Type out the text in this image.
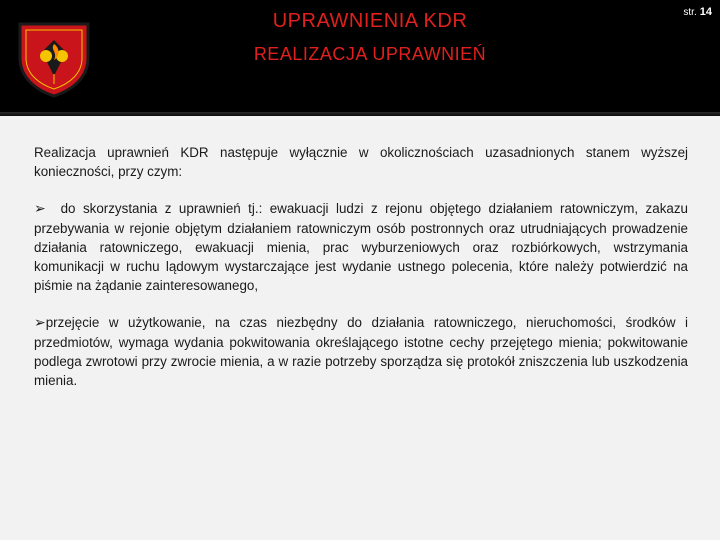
UPRAWNIENIA KDR
REALIZACJA UPRAWNIEŃ
str. 14

Realizacja uprawnień KDR następuje wyłącznie w okolicznościach uzasadnionych stanem wyższej konieczności, przy czym:

➢ do skorzystania z uprawnień tj.: ewakuacji ludzi z rejonu objętego działaniem ratowniczym, zakazu przebywania w rejonie objętym działaniem ratowniczym osób postronnych oraz utrudniających prowadzenie działania ratowniczego, ewakuacji mienia, prac wyburzeniowych oraz rozbiórkowych, wstrzymania komunikacji w ruchu lądowym wystarczające jest wydanie ustnego polecenia, które należy potwierdzić na piśmie na żądanie zainteresowanego,

➢przejęcie w użytkowanie, na czas niezbędny do działania ratowniczego, nieruchomości, środków i przedmiotów, wymaga wydania pokwitowania określającego istotne cechy przejętego mienia; pokwitowanie podlega zwrotowi przy zwrocie mienia, a w razie potrzeby sporządza się protokół zniszczenia lub uszkodzenia mienia.
